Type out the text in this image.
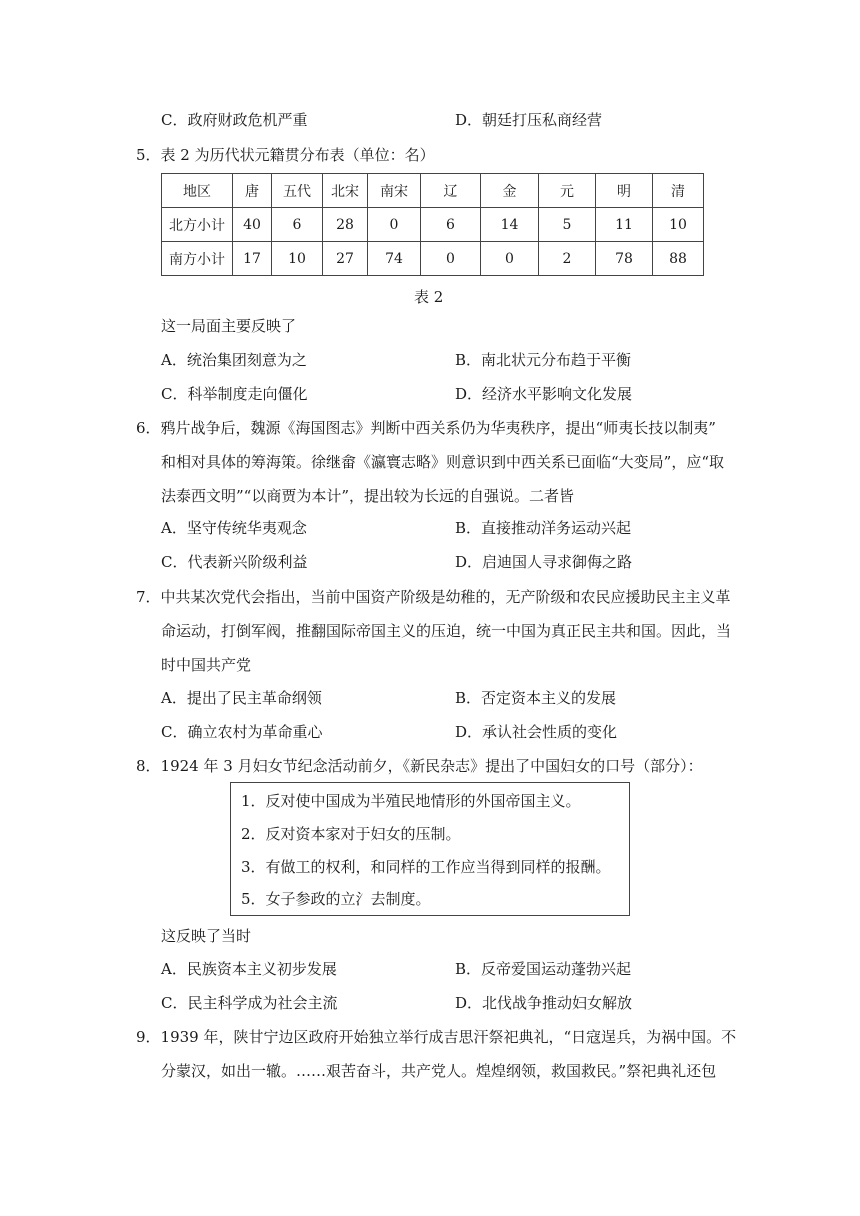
C．政府财政危机严重	D．朝廷打压私商经营
5．表 2 为历代状元籍贯分布表（单位：名）
地区	唐	五代	北宋	南宋	辽	金	元	明	清
北方小计	40	6	28	0	6	14	5	11	10
南方小计	17	10	27	74	0	0	2	78	88
表 2
这一局面主要反映了
A．统治集团刻意为之	B．南北状元分布趋于平衡
C．科举制度走向僵化	D．经济水平影响文化发展
6．鸦片战争后，魏源《海国图志》判断中西关系仍为华夷秩序，提出“师夷长技以制夷”
和相对具体的筹海策。徐继畲《瀛寰志略》则意识到中西关系已面临“大变局”，应“取
法泰西文明”“以商贾为本计”，提出较为长远的自强说。二者皆
A．坚守传统华夷观念	B．直接推动洋务运动兴起
C．代表新兴阶级利益	D．启迪国人寻求御侮之路
7．中共某次党代会指出，当前中国资产阶级是幼稚的，无产阶级和农民应援助民主主义革
命运动，打倒军阀，推翻国际帝国主义的压迫，统一中国为真正民主共和国。因此，当
时中国共产党
A．提出了民主革命纲领	B．否定资本主义的发展
C．确立农村为革命重心	D．承认社会性质的变化
8．1924 年 3 月妇女节纪念活动前夕，《新民杂志》提出了中国妇女的口号（部分）：
1．反对使中国成为半殖民地情形的外国帝国主义。
2．反对资本家对于妇女的压制。
3．有做工的权利，和同样的工作应当得到同样的报酬。
5．女子参政的立氵去制度。
这反映了当时
A．民族资本主义初步发展	B．反帝爱国运动蓬勃兴起
C．民主科学成为社会主流	D．北伐战争推动妇女解放
9．1939 年，陕甘宁边区政府开始独立举行成吉思汗祭祀典礼，“日寇逞兵，为祸中国。不
分蒙汉，如出一辙。……艰苦奋斗，共产党人。煌煌纲领，救国救民。”祭祀典礼还包
